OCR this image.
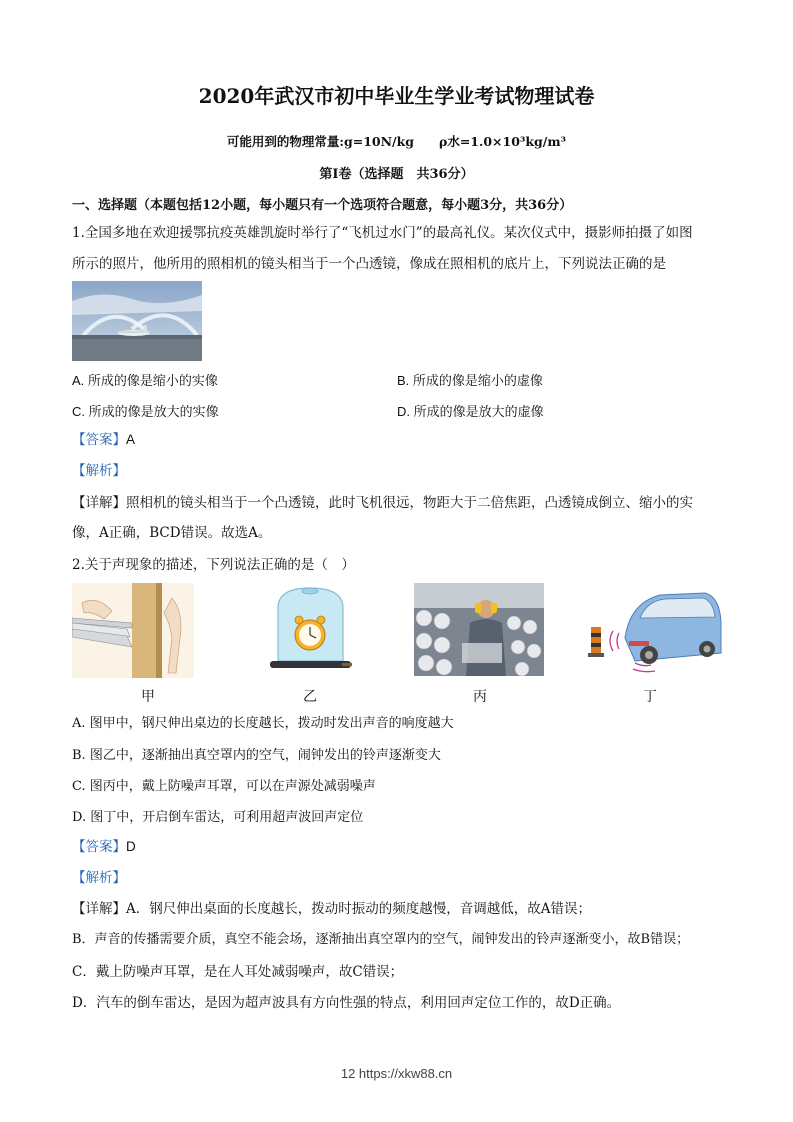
2020年武汉市初中毕业生学业考试物理试卷
可能用到的物理常量:g=10N/kg　　ρ水=1.0×10³kg/m³
第I卷（选择题　共36分）
一、选择题（本题包括12小题，每小题只有一个选项符合题意，每小题3分，共36分）
1.全国多地在欢迎援鄂抗疫英雄凯旋时举行了“飞机过水门”的最高礼仪。某次仪式中，摄影师拍摄了如图
所示的照片，他所用的照相机的镜头相当于一个凸透镜，像成在照相机的底片上，下列说法正确的是
A. 所成的像是缩小的实像	B. 所成的像是缩小的虚像
C. 所成的像是放大的实像	D. 所成的像是放大的虚像
【答案】A
【解析】
【详解】照相机的镜头相当于一个凸透镜，此时飞机很远，物距大于二倍焦距，凸透镜成倒立、缩小的实
像，A正确，BCD错误。故选A。
2.关于声现象的描述，下列说法正确的是（　）
甲	乙	丙	丁
A. 图甲中，钢尺伸出桌边的长度越长，拨动时发出声音的响度越大
B. 图乙中，逐渐抽出真空罩内的空气，闹钟发出的铃声逐渐变大
C. 图丙中，戴上防噪声耳罩，可以在声源处减弱噪声
D. 图丁中，开启倒车雷达，可利用超声波回声定位
【答案】D
【解析】
【详解】A．钢尺伸出桌面的长度越长，拨动时振动的频度越慢，音调越低，故A错误；
B．声音的传播需要介质，真空不能会场，逐渐抽出真空罩内的空气，闹钟发出的铃声逐渐变小，故B错误；
C．戴上防噪声耳罩，是在人耳处减弱噪声，故C错误；
D．汽车的倒车雷达，是因为超声波具有方向性强的特点，利用回声定位工作的，故D正确。
12 https://xkw88.cn
